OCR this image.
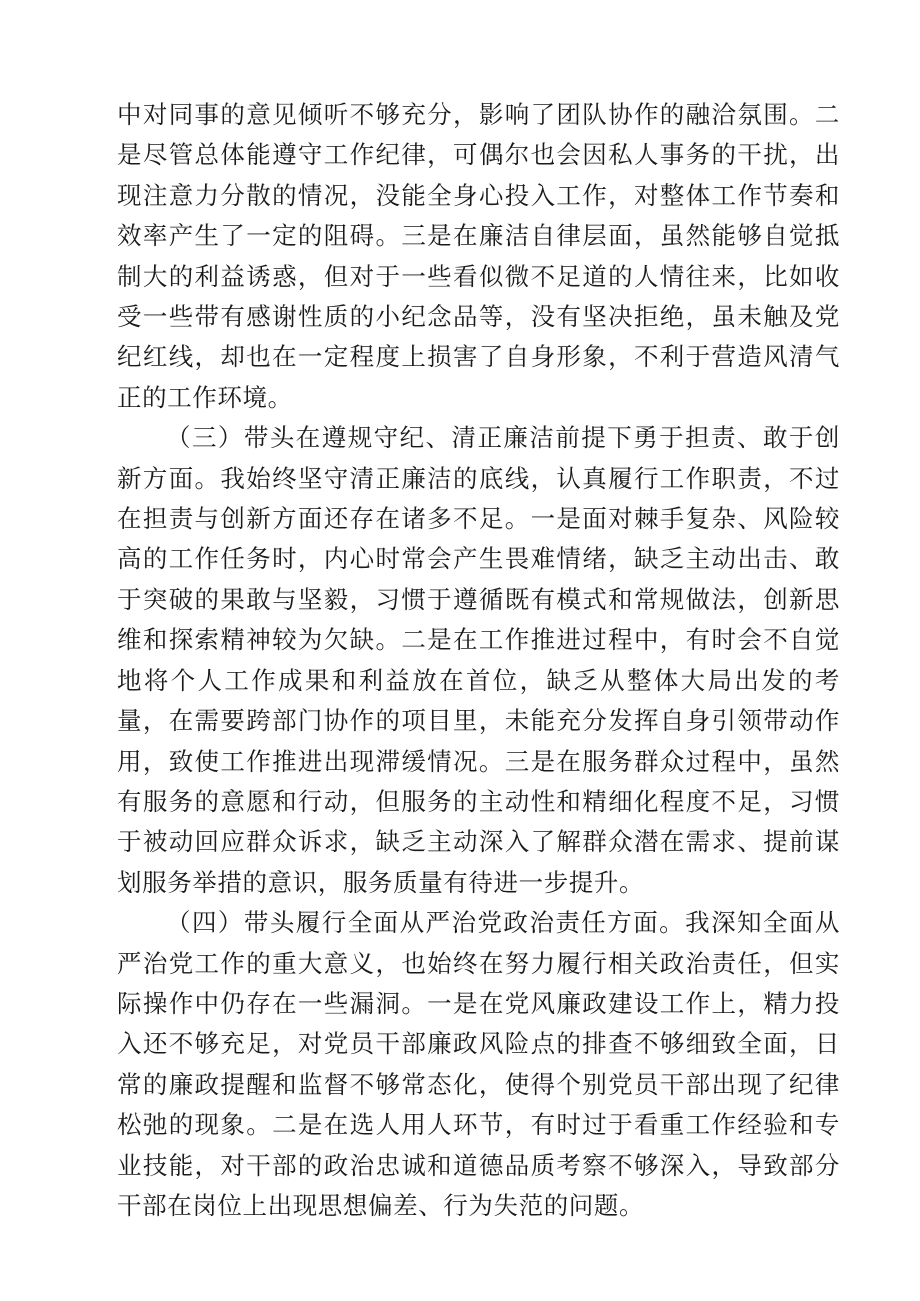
中对同事的意见倾听不够充分，影响了团队协作的融洽氛围。二是尽管总体能遵守工作纪律，可偶尔也会因私人事务的干扰，出现注意力分散的情况，没能全身心投入工作，对整体工作节奏和效率产生了一定的阻碍。三是在廉洁自律层面，虽然能够自觉抵制大的利益诱惑，但对于一些看似微不足道的人情往来，比如收受一些带有感谢性质的小纪念品等，没有坚决拒绝，虽未触及党纪红线，却也在一定程度上损害了自身形象，不利于营造风清气正的工作环境。

（三）带头在遵规守纪、清正廉洁前提下勇于担责、敢于创新方面。我始终坚守清正廉洁的底线，认真履行工作职责，不过在担责与创新方面还存在诸多不足。一是面对棘手复杂、风险较高的工作任务时，内心时常会产生畏难情绪，缺乏主动出击、敢于突破的果敢与坚毅，习惯于遵循既有模式和常规做法，创新思维和探索精神较为欠缺。二是在工作推进过程中，有时会不自觉地将个人工作成果和利益放在首位，缺乏从整体大局出发的考量，在需要跨部门协作的项目里，未能充分发挥自身引领带动作用，致使工作推进出现滞缓情况。三是在服务群众过程中，虽然有服务的意愿和行动，但服务的主动性和精细化程度不足，习惯于被动回应群众诉求，缺乏主动深入了解群众潜在需求、提前谋划服务举措的意识，服务质量有待进一步提升。

（四）带头履行全面从严治党政治责任方面。我深知全面从严治党工作的重大意义，也始终在努力履行相关政治责任，但实际操作中仍存在一些漏洞。一是在党风廉政建设工作上，精力投入还不够充足，对党员干部廉政风险点的排查不够细致全面，日常的廉政提醒和监督不够常态化，使得个别党员干部出现了纪律松弛的现象。二是在选人用人环节，有时过于看重工作经验和专业技能，对干部的政治忠诚和道德品质考察不够深入，导致部分干部在岗位上出现思想偏差、行为失范的问题。
